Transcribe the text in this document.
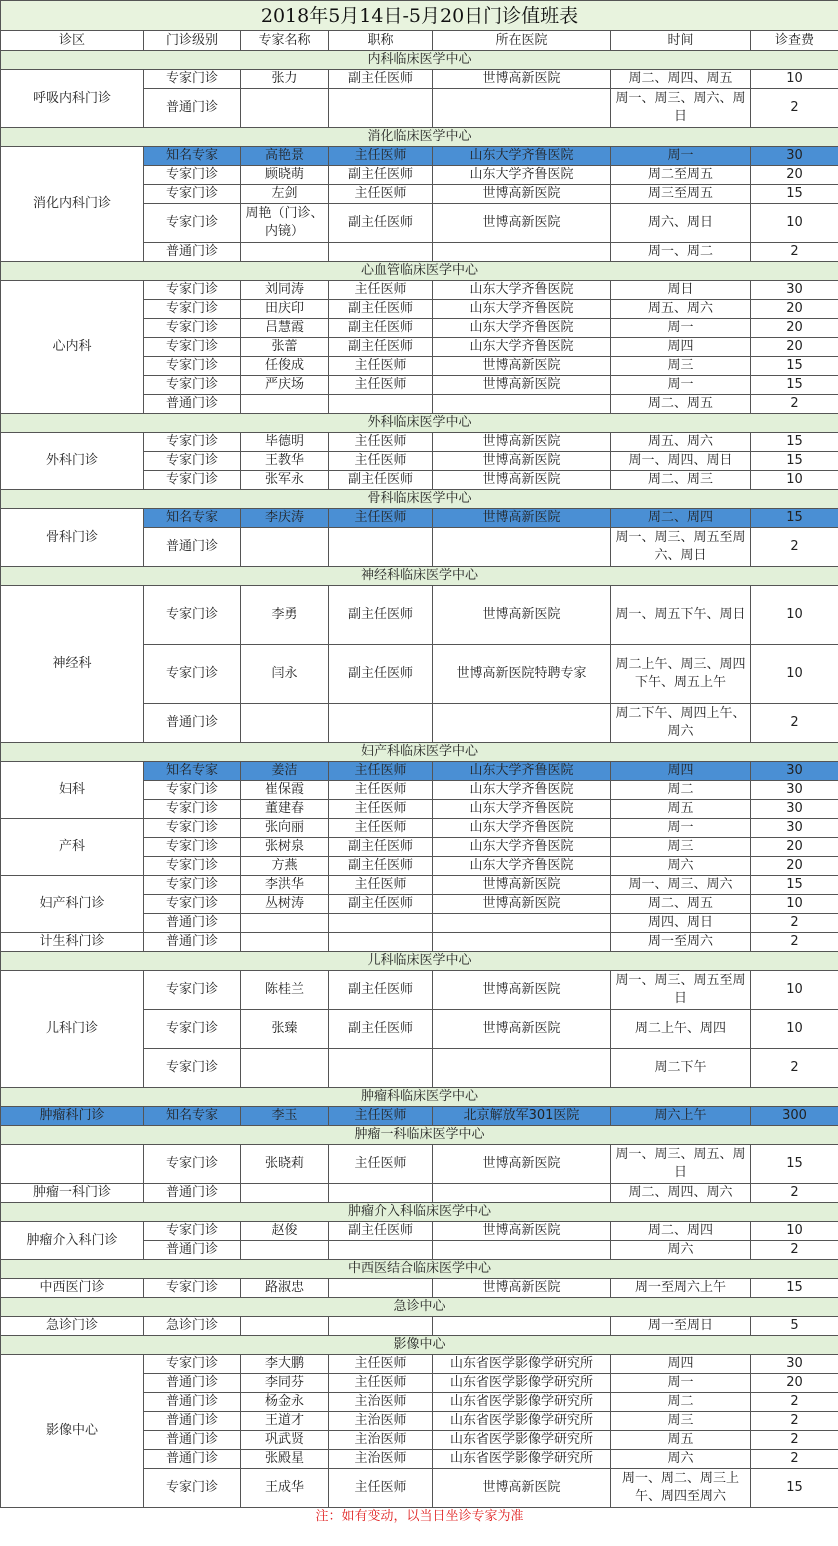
2018年5月14日-5月20日门诊值班表						
诊区	门诊级别	专家名称	职称	所在医院	时间	诊查费
内科临床医学中心						
呼吸内科门诊	专家门诊	张力	副主任医师	世博高新医院	周二、周四、周五	10
	普通门诊				周一、周三、周六、周日	2
消化临床医学中心						
消化内科门诊	知名专家	高艳景	主任医师	山东大学齐鲁医院	周一	30
	专家门诊	顾晓萌	副主任医师	山东大学齐鲁医院	周二至周五	20
	专家门诊	左剑	主任医师	世博高新医院	周三至周五	15
	专家门诊	周艳（门诊、内镜）	副主任医师	世博高新医院	周六、周日	10
	普通门诊				周一、周二	2
心血管临床医学中心						
心内科	专家门诊	刘同涛	主任医师	山东大学齐鲁医院	周日	30
	专家门诊	田庆印	副主任医师	山东大学齐鲁医院	周五、周六	20
	专家门诊	吕慧霞	副主任医师	山东大学齐鲁医院	周一	20
	专家门诊	张蕾	副主任医师	山东大学齐鲁医院	周四	20
	专家门诊	任俊成	主任医师	世博高新医院	周三	15
	专家门诊	严庆场	主任医师	世博高新医院	周一	15
	普通门诊				周二、周五	2
外科临床医学中心						
外科门诊	专家门诊	毕德明	主任医师	世博高新医院	周五、周六	15
	专家门诊	王教华	主任医师	世博高新医院	周一、周四、周日	15
	专家门诊	张军永	副主任医师	世博高新医院	周二、周三	10
骨科临床医学中心						
骨科门诊	知名专家	李庆涛	主任医师	世博高新医院	周二、周四	15
	普通门诊				周一、周三、周五至周六、周日	2
神经科临床医学中心						
神经科	专家门诊	李勇	副主任医师	世博高新医院	周一、周五下午、周日	10
	专家门诊	闫永	副主任医师	世博高新医院特聘专家	周二上午、周三、周四下午、周五上午	10
	普通门诊				周二下午、周四上午、周六	2
妇产科临床医学中心						
妇科	知名专家	姜洁	主任医师	山东大学齐鲁医院	周四	30
	专家门诊	崔保霞	主任医师	山东大学齐鲁医院	周二	30
	专家门诊	董建春	主任医师	山东大学齐鲁医院	周五	30
产科	专家门诊	张向丽	主任医师	山东大学齐鲁医院	周一	30
	专家门诊	张树泉	副主任医师	山东大学齐鲁医院	周三	20
	专家门诊	方燕	副主任医师	山东大学齐鲁医院	周六	20
妇产科门诊	专家门诊	李洪华	主任医师	世博高新医院	周一、周三、周六	15
	专家门诊	丛树涛	副主任医师	世博高新医院	周二、周五	10
	普通门诊				周四、周日	2
计生科门诊	普通门诊				周一至周六	2
儿科临床医学中心						
儿科门诊	专家门诊	陈桂兰	副主任医师	世博高新医院	周一、周三、周五至周日	10
	专家门诊	张臻	副主任医师	世博高新医院	周二上午、周四	10
	专家门诊				周二下午	2
肿瘤科临床医学中心						
肿瘤科门诊	知名专家	李玉	主任医师	北京解放军301医院	周六上午	300
肿瘤一科临床医学中心						
	专家门诊	张晓莉	主任医师	世博高新医院	周一、周三、周五、周日	15
肿瘤一科门诊	普通门诊				周二、周四、周六	2
肿瘤介入科临床医学中心						
肿瘤介入科门诊	专家门诊	赵俊	副主任医师	世博高新医院	周二、周四	10
	普通门诊				周六	2
中西医结合临床医学中心						
中西医门诊	专家门诊	路淑忠		世博高新医院	周一至周六上午	15
急诊中心						
急诊门诊	急诊门诊				周一至周日	5
影像中心						
影像中心	专家门诊	李大鹏	主任医师	山东省医学影像学研究所	周四	30
	普通门诊	李同芬	主任医师	山东省医学影像学研究所	周一	20
	普通门诊	杨金永	主治医师	山东省医学影像学研究所	周二	2
	普通门诊	王道才	主治医师	山东省医学影像学研究所	周三	2
	普通门诊	巩武贤	主治医师	山东省医学影像学研究所	周五	2
	普通门诊	张殿星	主治医师	山东省医学影像学研究所	周六	2
	专家门诊	王成华	主任医师	世博高新医院	周一、周二、周三上午、周四至周六	15
注：如有变动，以当日坐诊专家为准						
